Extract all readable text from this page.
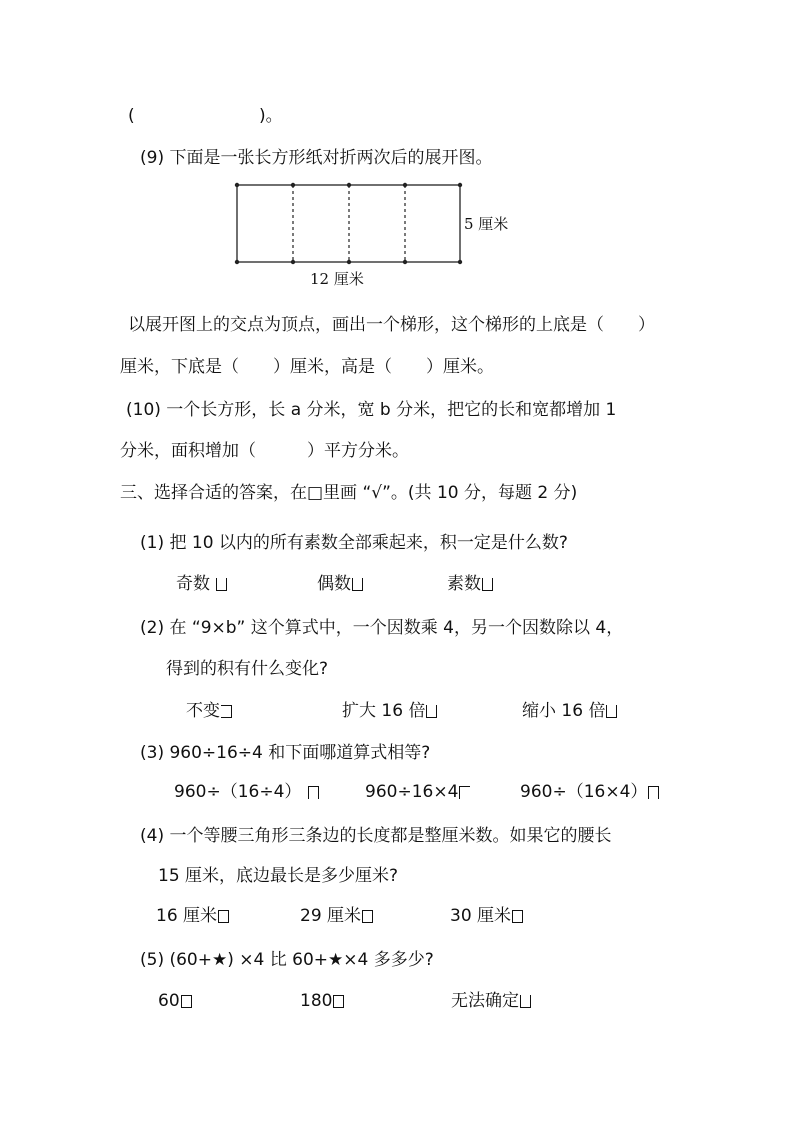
(	)。
(9) 下面是一张长方形纸对折两次后的展开图。
5 厘米
12 厘米
以展开图上的交点为顶点，画出一个梯形，这个梯形的上底是（　　）
厘米，下底是（　　）厘米，高是（　　）厘米。
(10) 一个长方形，长 a 分米，宽 b 分米，把它的长和宽都增加 1
分米，面积增加（　　　）平方分米。
三、选择合适的答案，在□里画 “√”。(共 10 分，每题 2 分)
(1) 把 10 以内的所有素数全部乘起来，积一定是什么数?
奇数	偶数	素数
(2) 在 “9×b” 这个算式中，一个因数乘 4，另一个因数除以 4，
得到的积有什么变化?
不变	扩大 16 倍	缩小 16 倍
(3) 960÷16÷4 和下面哪道算式相等?
960÷（16÷4）	960÷16×4	960÷（16×4）
(4) 一个等腰三角形三条边的长度都是整厘米数。如果它的腰长
15 厘米，底边最长是多少厘米?
16 厘米	29 厘米	30 厘米
(5) (60+★) ×4 比 60+★×4 多多少?
60	180	无法确定
